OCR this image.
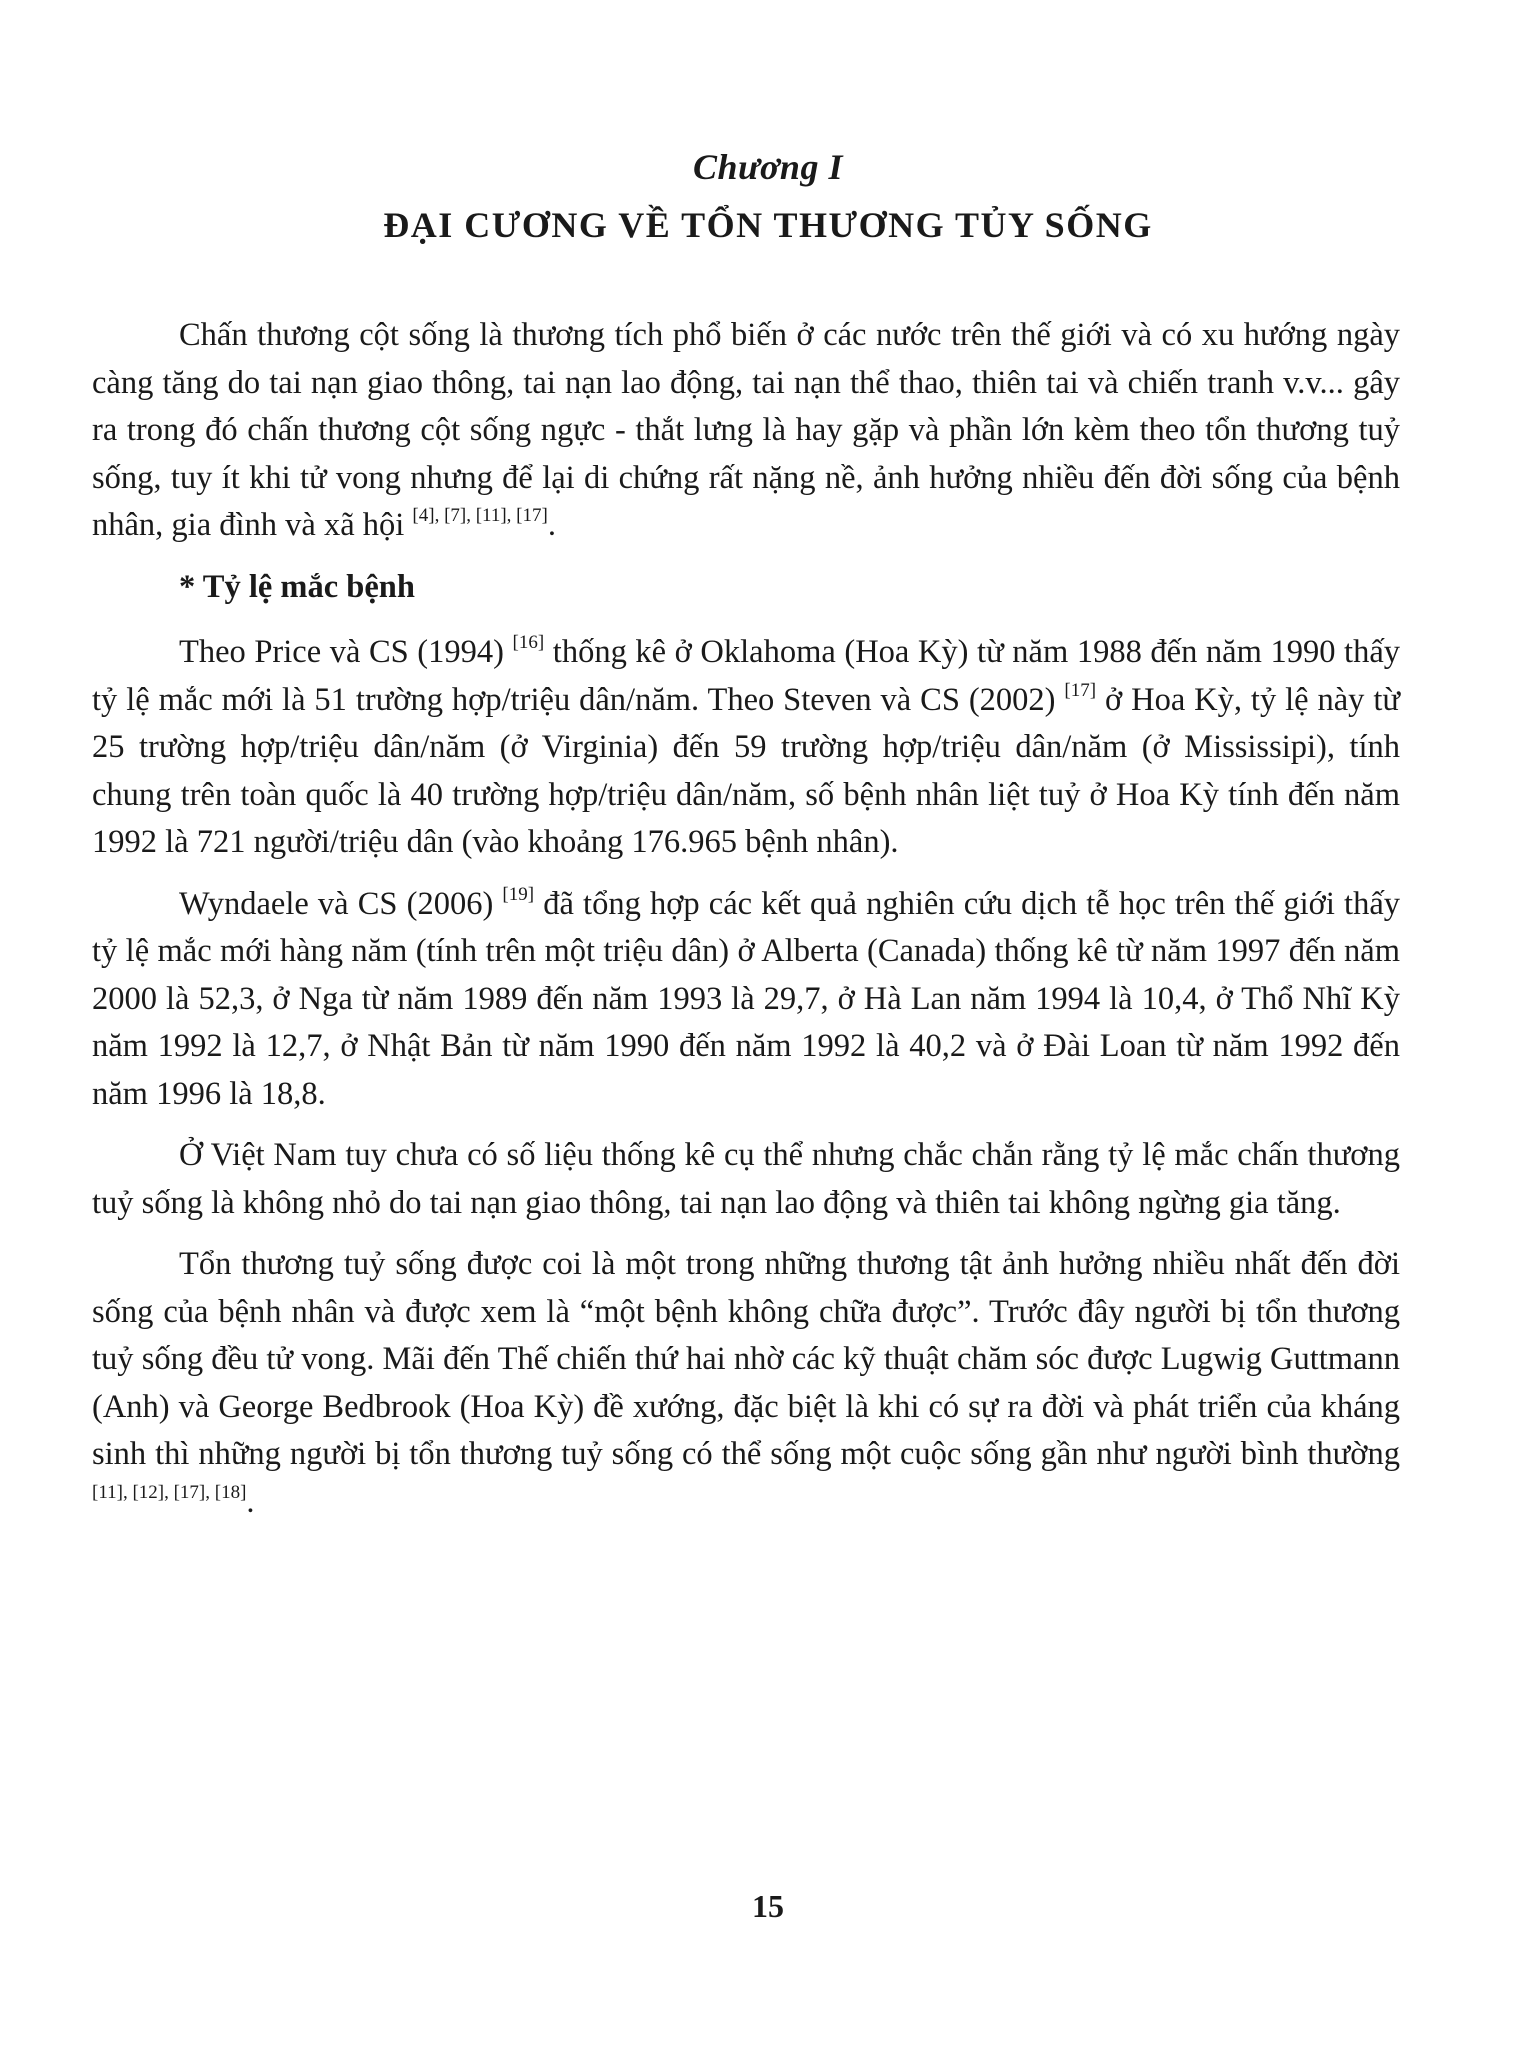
Chương I
ĐẠI CƯƠNG VỀ TỔN THƯƠNG TỦY SỐNG

Chấn thương cột sống là thương tích phổ biến ở các nước trên thế giới và có xu hướng ngày càng tăng do tai nạn giao thông, tai nạn lao động, tai nạn thể thao, thiên tai và chiến tranh v.v... gây ra trong đó chấn thương cột sống ngực - thắt lưng là hay gặp và phần lớn kèm theo tổn thương tuỷ sống, tuy ít khi tử vong nhưng để lại di chứng rất nặng nề, ảnh hưởng nhiều đến đời sống của bệnh nhân, gia đình và xã hội [4], [7], [11], [17].

* Tỷ lệ mắc bệnh

Theo Price và CS (1994) [16] thống kê ở Oklahoma (Hoa Kỳ) từ năm 1988 đến năm 1990 thấy tỷ lệ mắc mới là 51 trường hợp/triệu dân/năm. Theo Steven và CS (2002) [17] ở Hoa Kỳ, tỷ lệ này từ 25 trường hợp/triệu dân/năm (ở Virginia) đến 59 trường hợp/triệu dân/năm (ở Mississipi), tính chung trên toàn quốc là 40 trường hợp/triệu dân/năm, số bệnh nhân liệt tuỷ ở Hoa Kỳ tính đến năm 1992 là 721 người/triệu dân (vào khoảng 176.965 bệnh nhân).

Wyndaele và CS (2006) [19] đã tổng hợp các kết quả nghiên cứu dịch tễ học trên thế giới thấy tỷ lệ mắc mới hàng năm (tính trên một triệu dân) ở Alberta (Canada) thống kê từ năm 1997 đến năm 2000 là 52,3, ở Nga từ năm 1989 đến năm 1993 là 29,7, ở Hà Lan năm 1994 là 10,4, ở Thổ Nhĩ Kỳ năm 1992 là 12,7, ở Nhật Bản từ năm 1990 đến năm 1992 là 40,2 và ở Đài Loan từ năm 1992 đến năm 1996 là 18,8.

Ở Việt Nam tuy chưa có số liệu thống kê cụ thể nhưng chắc chắn rằng tỷ lệ mắc chấn thương tuỷ sống là không nhỏ do tai nạn giao thông, tai nạn lao động và thiên tai không ngừng gia tăng.

Tổn thương tuỷ sống được coi là một trong những thương tật ảnh hưởng nhiều nhất đến đời sống của bệnh nhân và được xem là “một bệnh không chữa được”. Trước đây người bị tổn thương tuỷ sống đều tử vong. Mãi đến Thế chiến thứ hai nhờ các kỹ thuật chăm sóc được Lugwig Guttmann (Anh) và George Bedbrook (Hoa Kỳ) đề xướng, đặc biệt là khi có sự ra đời và phát triển của kháng sinh thì những người bị tổn thương tuỷ sống có thể sống một cuộc sống gần như người bình thường [11], [12], [17], [18].

15
